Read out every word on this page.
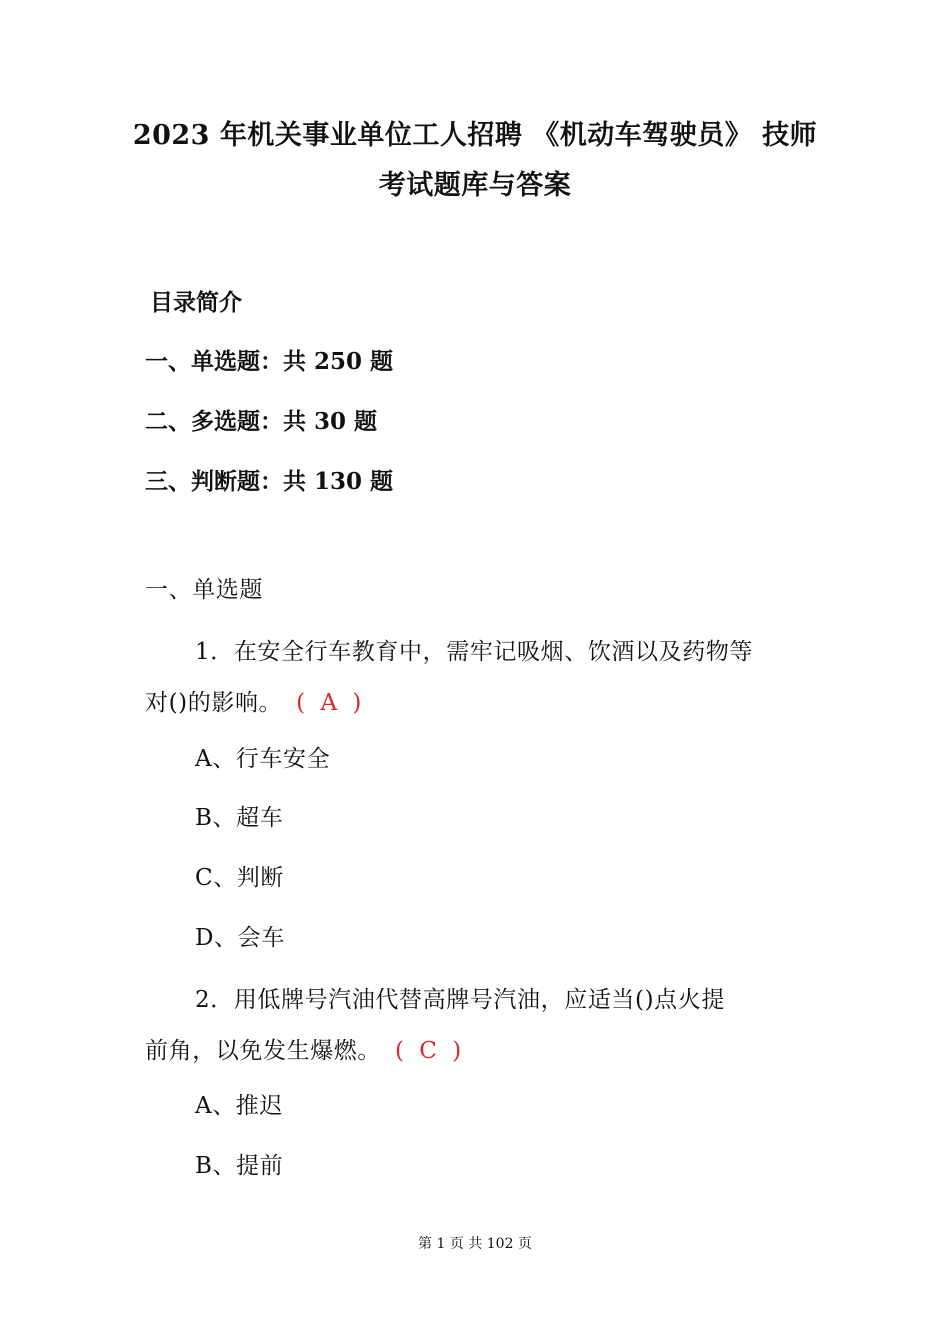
2023 年机关事业单位工人招聘 《机动车驾驶员》 技师
考试题库与答案
目录简介
一、单选题：共 250 题
二、多选题：共 30 题
三、判断题：共 130 题
一、单选题
1．在安全行车教育中，需牢记吸烟、饮酒以及药物等
对()的影响。 ( A )
A、行车安全
B、超车
C、判断
D、会车
2．用低牌号汽油代替高牌号汽油，应适当()点火提
前角，以免发生爆燃。 ( C )
A、推迟
B、提前
第 1 页 共 102 页
